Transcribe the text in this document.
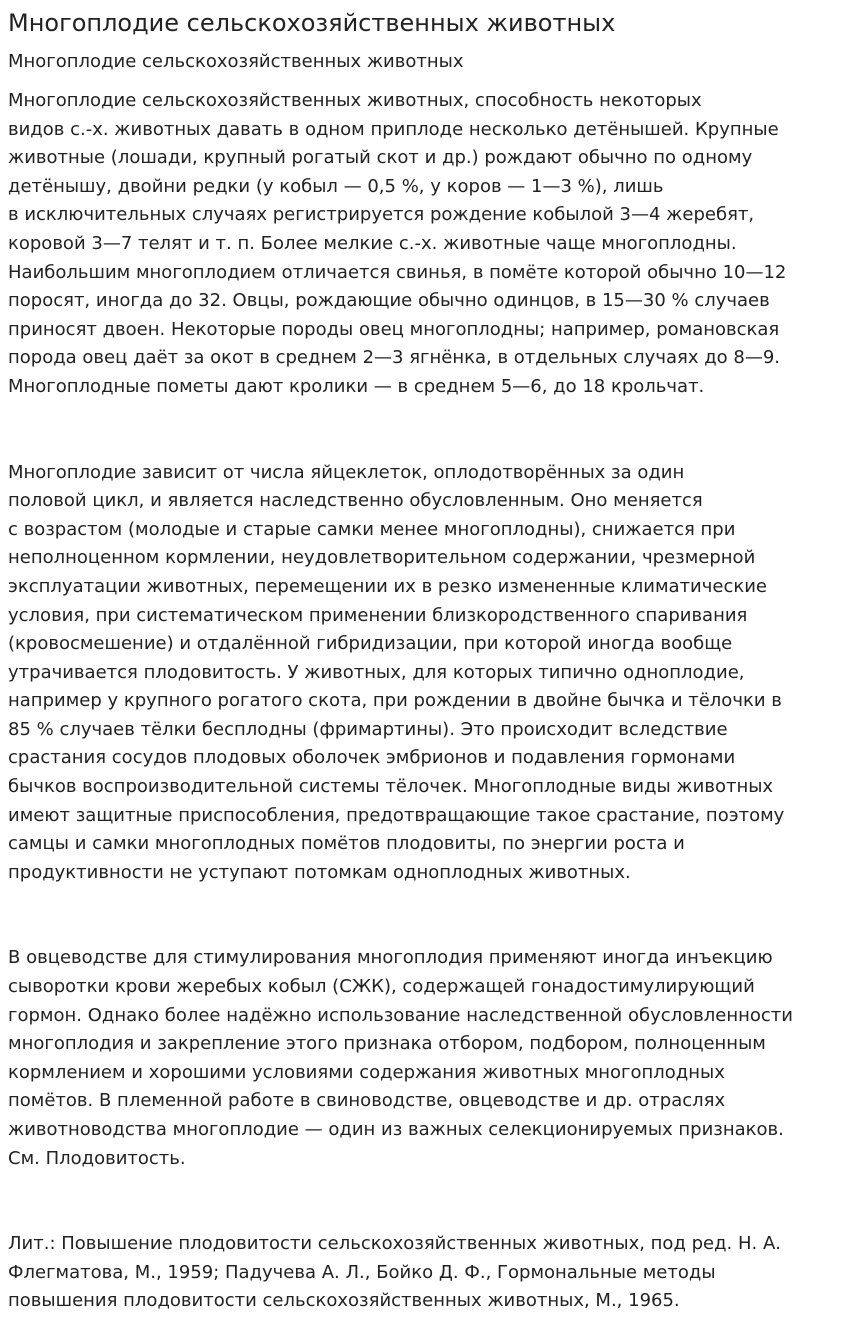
Многоплодие сельскохозяйственных животных
Многоплодие сельскохозяйственных животных

Многоплодие сельскохозяйственных животных, способность некоторых
видов с.-х. животных давать в одном приплоде несколько детёнышей. Крупные
животные (лошади, крупный рогатый скот и др.) рождают обычно по одному
детёнышу, двойни редки (у кобыл — 0,5 %, у коров — 1—3 %), лишь
в исключительных случаях регистрируется рождение кобылой 3—4 жеребят,
коровой 3—7 телят и т. п. Более мелкие с.-х. животные чаще многоплодны.
Наибольшим многоплодием отличается свинья, в помёте которой обычно 10—12
поросят, иногда до 32. Овцы, рождающие обычно одинцов, в 15—30 % случаев
приносят двоен. Некоторые породы овец многоплодны; например, романовская
порода овец даёт за окот в среднем 2—3 ягнёнка, в отдельных случаях до 8—9.
Многоплодные пометы дают кролики — в среднем 5—6, до 18 крольчат.

Многоплодие зависит от числа яйцеклеток, оплодотворённых за один
половой цикл, и является наследственно обусловленным. Оно меняется
с возрастом (молодые и старые самки менее многоплодны), снижается при
неполноценном кормлении, неудовлетворительном содержании, чрезмерной
эксплуатации животных, перемещении их в резко измененные климатические
условия, при систематическом применении близкородственного спаривания
(кровосмешение) и отдалённой гибридизации, при которой иногда вообще
утрачивается плодовитость. У животных, для которых типично одноплодие,
например у крупного рогатого скота, при рождении в двойне бычка и тёлочки в
85 % случаев тёлки бесплодны (фримартины). Это происходит вследствие
срастания сосудов плодовых оболочек эмбрионов и подавления гормонами
бычков воспроизводительной системы тёлочек. Многоплодные виды животных
имеют защитные приспособления, предотвращающие такое срастание, поэтому
самцы и самки многоплодных помётов плодовиты, по энергии роста и
продуктивности не уступают потомкам одноплодных животных.

В овцеводстве для стимулирования многоплодия применяют иногда инъекцию
сыворотки крови жеребых кобыл (СЖК), содержащей гонадостимулирующий
гормон. Однако более надёжно использование наследственной обусловленности
многоплодия и закрепление этого признака отбором, подбором, полноценным
кормлением и хорошими условиями содержания животных многоплодных
помётов. В племенной работе в свиноводстве, овцеводстве и др. отраслях
животноводства многоплодие — один из важных селекционируемых признаков.
См. Плодовитость.

Лит.: Повышение плодовитости сельскохозяйственных животных, под ред. Н. А.
Флегматова, М., 1959; Падучева А. Л., Бойко Д. Ф., Гормональные методы
повышения плодовитости сельскохозяйственных животных, М., 1965.
